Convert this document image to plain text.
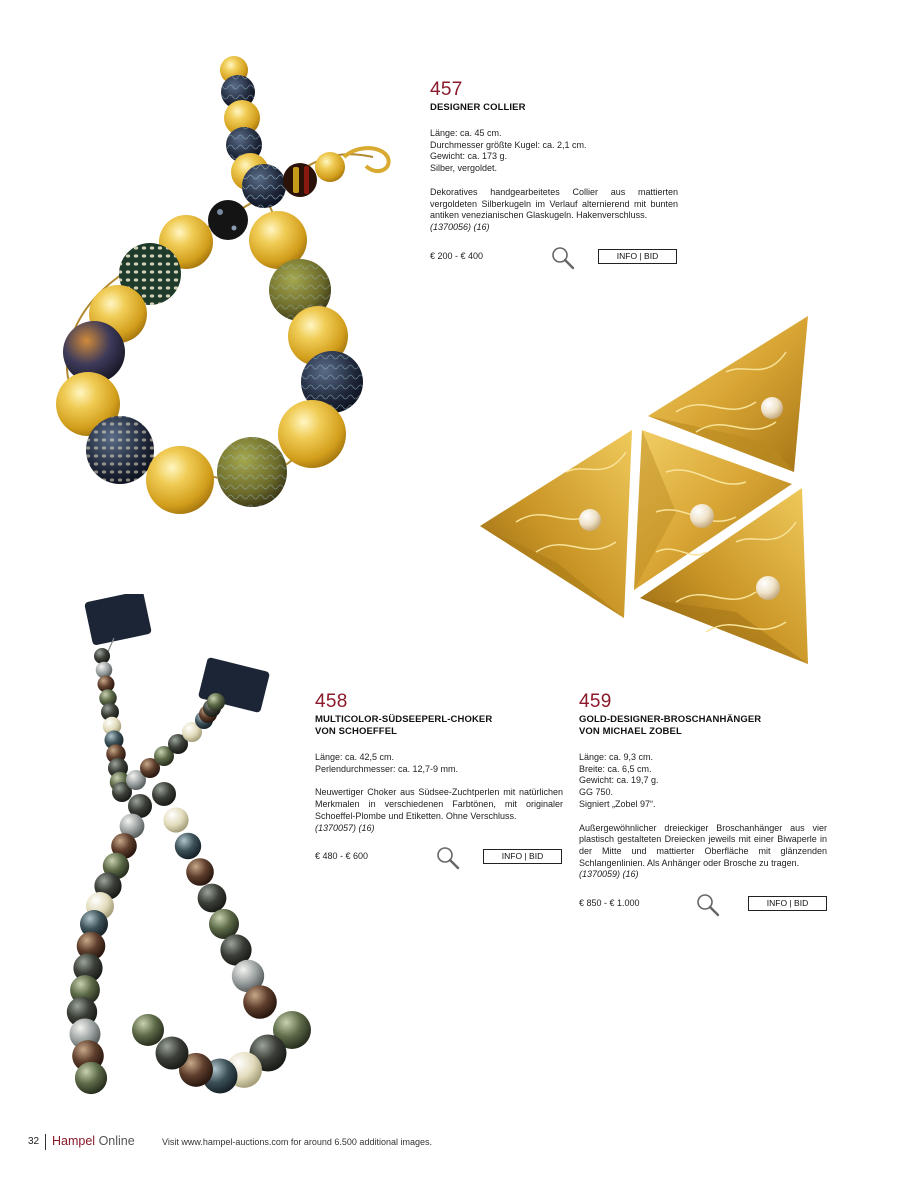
457
DESIGNER COLLIER
Länge: ca. 45 cm.
Durchmesser größte Kugel: ca. 2,1 cm.
Gewicht: ca. 173 g.
Silber, vergoldet.
Dekoratives handgearbeitetes Collier aus mattierten vergoldeten Silberkugeln im Verlauf alternierend mit bunten antiken venezianischen Glaskugeln. Hakenverschluss.
(1370056) (16)
€ 200 - € 400	INFO | BID
458
MULTICOLOR-SÜDSEEPERL-CHOKER
VON SCHOEFFEL
Länge: ca. 42,5 cm.
Perlendurchmesser: ca. 12,7-9 mm.
Neuwertiger Choker aus Südsee-Zuchtperlen mit natürlichen Merkmalen in verschiedenen Farbtönen, mit originaler Schoeffel-Plombe und Etiketten. Ohne Verschluss.
(1370057) (16)
€ 480 - € 600	INFO | BID
459
GOLD-DESIGNER-BROSCHANHÄNGER
VON MICHAEL ZOBEL
Länge: ca. 9,3 cm.
Breite: ca. 6,5 cm.
Gewicht: ca. 19,7 g.
GG 750.
Signiert „Zobel 97“.
Außergewöhnlicher dreieckiger Broschanhänger aus vier plastisch gestalteten Dreiecken jeweils mit einer Biwaperle in der Mitte und mattierter Oberfläche mit glänzenden Schlangenlinien. Als Anhänger oder Brosche zu tragen.
(1370059) (16)
€ 850 - € 1.000	INFO | BID
32 Hampel Online	Visit www.hampel-auctions.com for around 6.500 additional images.
